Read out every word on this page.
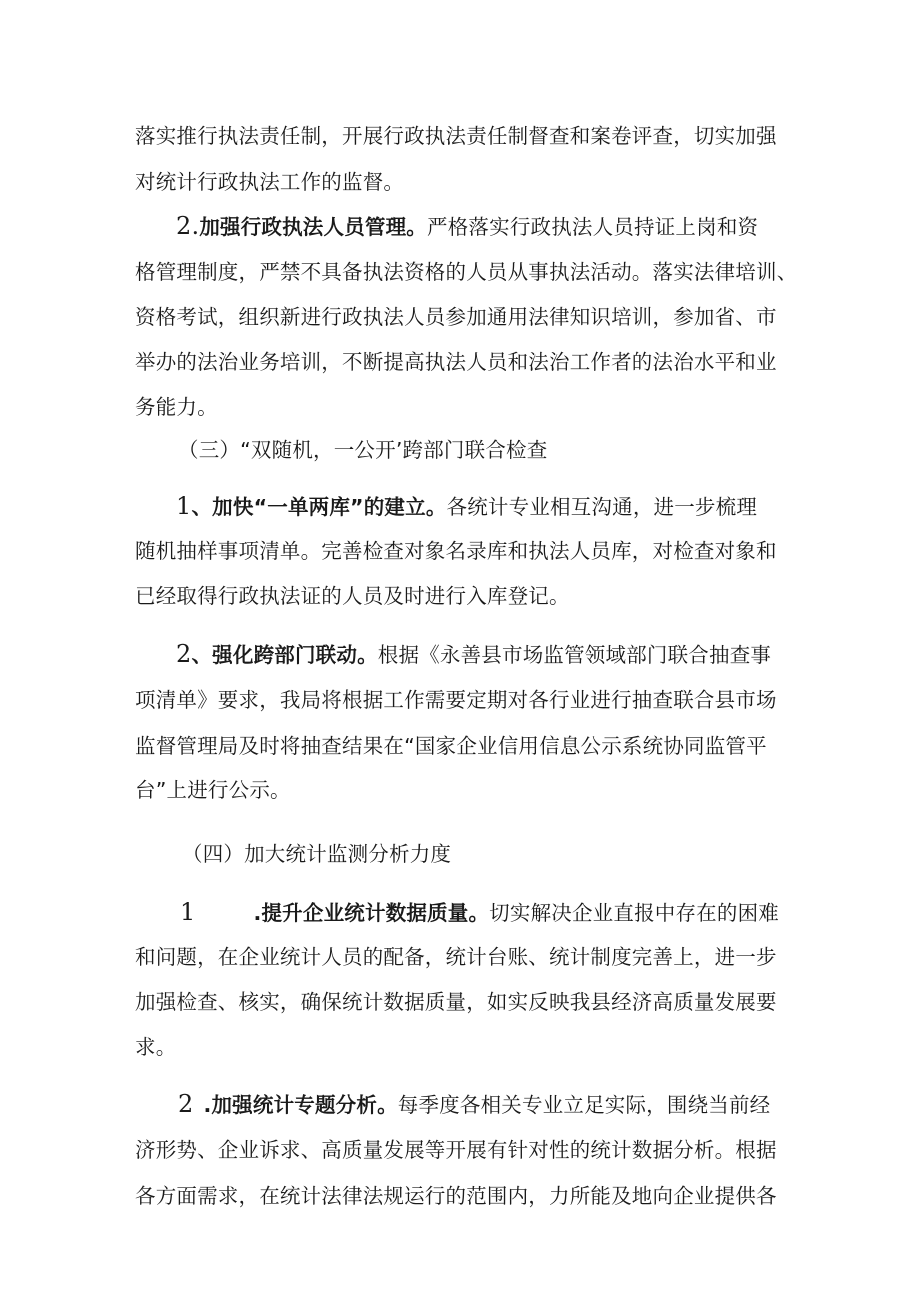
落实推行执法责任制，开展行政执法责任制督查和案卷评查，切实加强
对统计行政执法工作的监督。
2.加强行政执法人员管理。严格落实行政执法人员持证上岗和资
格管理制度，严禁不具备执法资格的人员从事执法活动。落实法律培训、
资格考试，组织新进行政执法人员参加通用法律知识培训，参加省、市
举办的法治业务培训，不断提高执法人员和法治工作者的法治水平和业
务能力。
（三）“双随机，一公开’跨部门联合检查
1、加快“一单两库”的建立。各统计专业相互沟通，进一步梳理
随机抽样事项清单。完善检查对象名录库和执法人员库，对检查对象和
已经取得行政执法证的人员及时进行入库登记。
2、强化跨部门联动。根据《永善县市场监管领域部门联合抽查事
项清单》要求，我局将根据工作需要定期对各行业进行抽查联合县市场
监督管理局及时将抽查结果在“国家企业信用信息公示系统协同监管平
台”上进行公示。
（四）加大统计监测分析力度
1	.提升企业统计数据质量。切实解决企业直报中存在的困难
和问题，在企业统计人员的配备，统计台账、统计制度完善上，进一步
加强检查、核实，确保统计数据质量，如实反映我县经济高质量发展要
求。
2 .加强统计专题分析。每季度各相关专业立足实际，围绕当前经
济形势、企业诉求、高质量发展等开展有针对性的统计数据分析。根据
各方面需求，在统计法律法规运行的范围内，力所能及地向企业提供各
